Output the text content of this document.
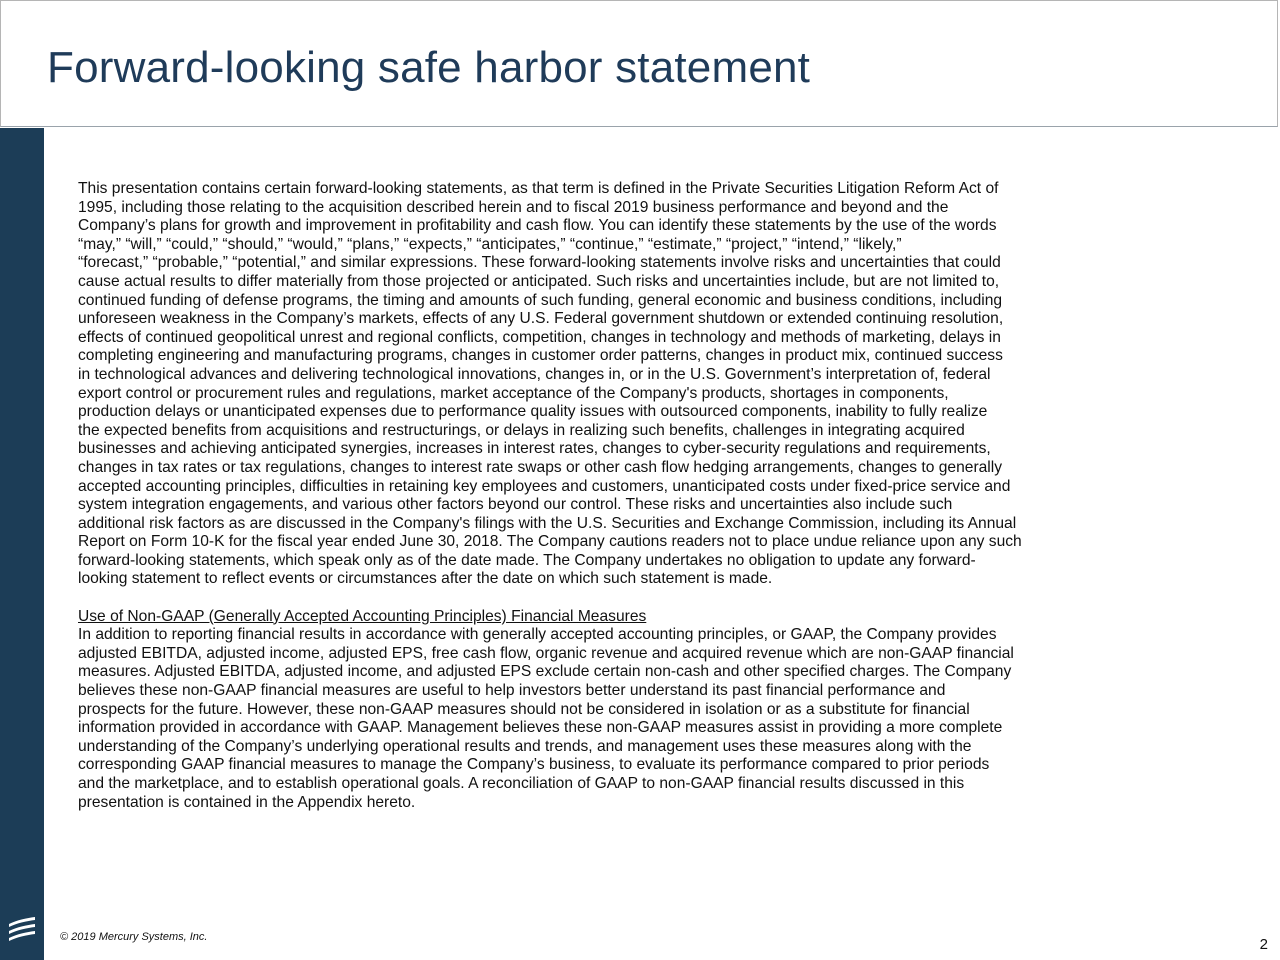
Forward-looking safe harbor statement
This presentation contains certain forward-looking statements, as that term is defined in the Private Securities Litigation Reform Act of
1995, including those relating to the acquisition described herein and to fiscal 2019 business performance and beyond and the
Company’s plans for growth and improvement in profitability and cash flow. You can identify these statements by the use of the words
“may,” “will,” “could,” “should,” “would,” “plans,” “expects,” “anticipates,” “continue,” “estimate,” “project,” “intend,” “likely,”
“forecast,” “probable,” “potential,” and similar expressions. These forward-looking statements involve risks and uncertainties that could
cause actual results to differ materially from those projected or anticipated. Such risks and uncertainties include, but are not limited to,
continued funding of defense programs, the timing and amounts of such funding, general economic and business conditions, including
unforeseen weakness in the Company’s markets, effects of any U.S. Federal government shutdown or extended continuing resolution,
effects of continued geopolitical unrest and regional conflicts, competition, changes in technology and methods of marketing, delays in
completing engineering and manufacturing programs, changes in customer order patterns, changes in product mix, continued success
in technological advances and delivering technological innovations, changes in, or in the U.S. Government’s interpretation of, federal
export control or procurement rules and regulations, market acceptance of the Company's products, shortages in components,
production delays or unanticipated expenses due to performance quality issues with outsourced components, inability to fully realize
the expected benefits from acquisitions and restructurings, or delays in realizing such benefits, challenges in integrating acquired
businesses and achieving anticipated synergies, increases in interest rates, changes to cyber-security regulations and requirements,
changes in tax rates or tax regulations, changes to interest rate swaps or other cash flow hedging arrangements, changes to generally
accepted accounting principles, difficulties in retaining key employees and customers, unanticipated costs under fixed-price service and
system integration engagements, and various other factors beyond our control. These risks and uncertainties also include such
additional risk factors as are discussed in the Company's filings with the U.S. Securities and Exchange Commission, including its Annual
Report on Form 10-K for the fiscal year ended June 30, 2018. The Company cautions readers not to place undue reliance upon any such
forward-looking statements, which speak only as of the date made. The Company undertakes no obligation to update any forward-
looking statement to reflect events or circumstances after the date on which such statement is made.
Use of Non-GAAP (Generally Accepted Accounting Principles) Financial Measures
In addition to reporting financial results in accordance with generally accepted accounting principles, or GAAP, the Company provides
adjusted EBITDA, adjusted income, adjusted EPS, free cash flow, organic revenue and acquired revenue which are non-GAAP financial
measures. Adjusted EBITDA, adjusted income, and adjusted EPS exclude certain non-cash and other specified charges. The Company
believes these non-GAAP financial measures are useful to help investors better understand its past financial performance and
prospects for the future. However, these non-GAAP measures should not be considered in isolation or as a substitute for financial
information provided in accordance with GAAP. Management believes these non-GAAP measures assist in providing a more complete
understanding of the Company’s underlying operational results and trends, and management uses these measures along with the
corresponding GAAP financial measures to manage the Company’s business, to evaluate its performance compared to prior periods
and the marketplace, and to establish operational goals. A reconciliation of GAAP to non-GAAP financial results discussed in this
presentation is contained in the Appendix hereto.
© 2019 Mercury Systems, Inc.	2
